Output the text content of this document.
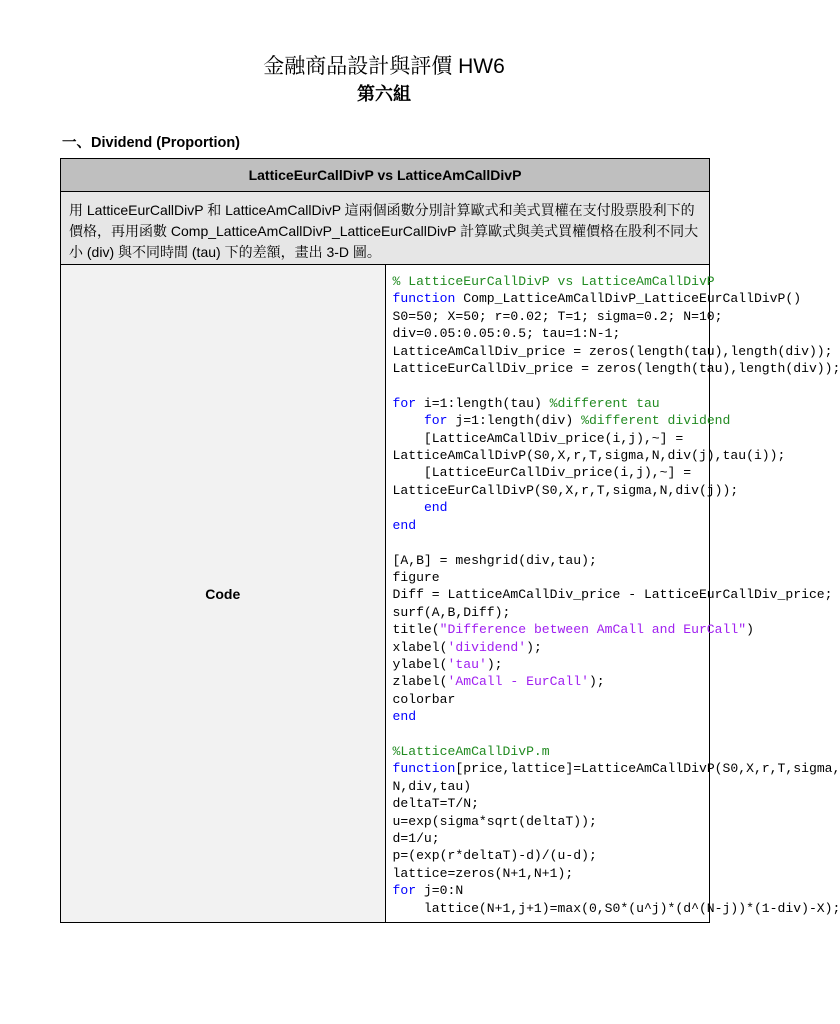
金融商品設計與評價 HW6
第六組
一、Dividend (Proportion)
LatticeEurCallDivP vs LatticeAmCallDivP
用 LatticeEurCallDivP 和 LatticeAmCallDivP 這兩個函數分別計算歐式和美式買權在支付股票股利下的價格，再用函數 Comp_LatticeAmCallDivP_LatticeEurCallDivP 計算歐式與美式買權價格在股利不同大小 (div) 與不同時間 (tau) 下的差額，畫出 3-D 圖。
Code	
% LatticeEurCallDivP vs LatticeAmCallDivP
function Comp_LatticeAmCallDivP_LatticeEurCallDivP()
S0=50; X=50; r=0.02; T=1; sigma=0.2; N=10;
div=0.05:0.05:0.5; tau=1:N-1;
LatticeAmCallDiv_price = zeros(length(tau),length(div));
LatticeEurCallDiv_price = zeros(length(tau),length(div));

for i=1:length(tau) %different tau
for j=1:length(div) %different dividend
[LatticeAmCallDiv_price(i,j),~] =
LatticeAmCallDivP(S0,X,r,T,sigma,N,div(j),tau(i));
[LatticeEurCallDiv_price(i,j),~] =
LatticeEurCallDivP(S0,X,r,T,sigma,N,div(j));
end
end

[A,B] = meshgrid(div,tau);
figure
Diff = LatticeAmCallDiv_price - LatticeEurCallDiv_price;
surf(A,B,Diff);
title("Difference between AmCall and EurCall")
xlabel('dividend');
ylabel('tau');
zlabel('AmCall - EurCall');
colorbar
end

%LatticeAmCallDivP.m
function[price,lattice]=LatticeAmCallDivP(S0,X,r,T,sigma,
N,div,tau)
deltaT=T/N;
u=exp(sigma*sqrt(deltaT));
d=1/u;
p=(exp(r*deltaT)-d)/(u-d);
lattice=zeros(N+1,N+1);
for j=0:N
lattice(N+1,j+1)=max(0,S0*(u^j)*(d^(N-j))*(1-div)-X);
